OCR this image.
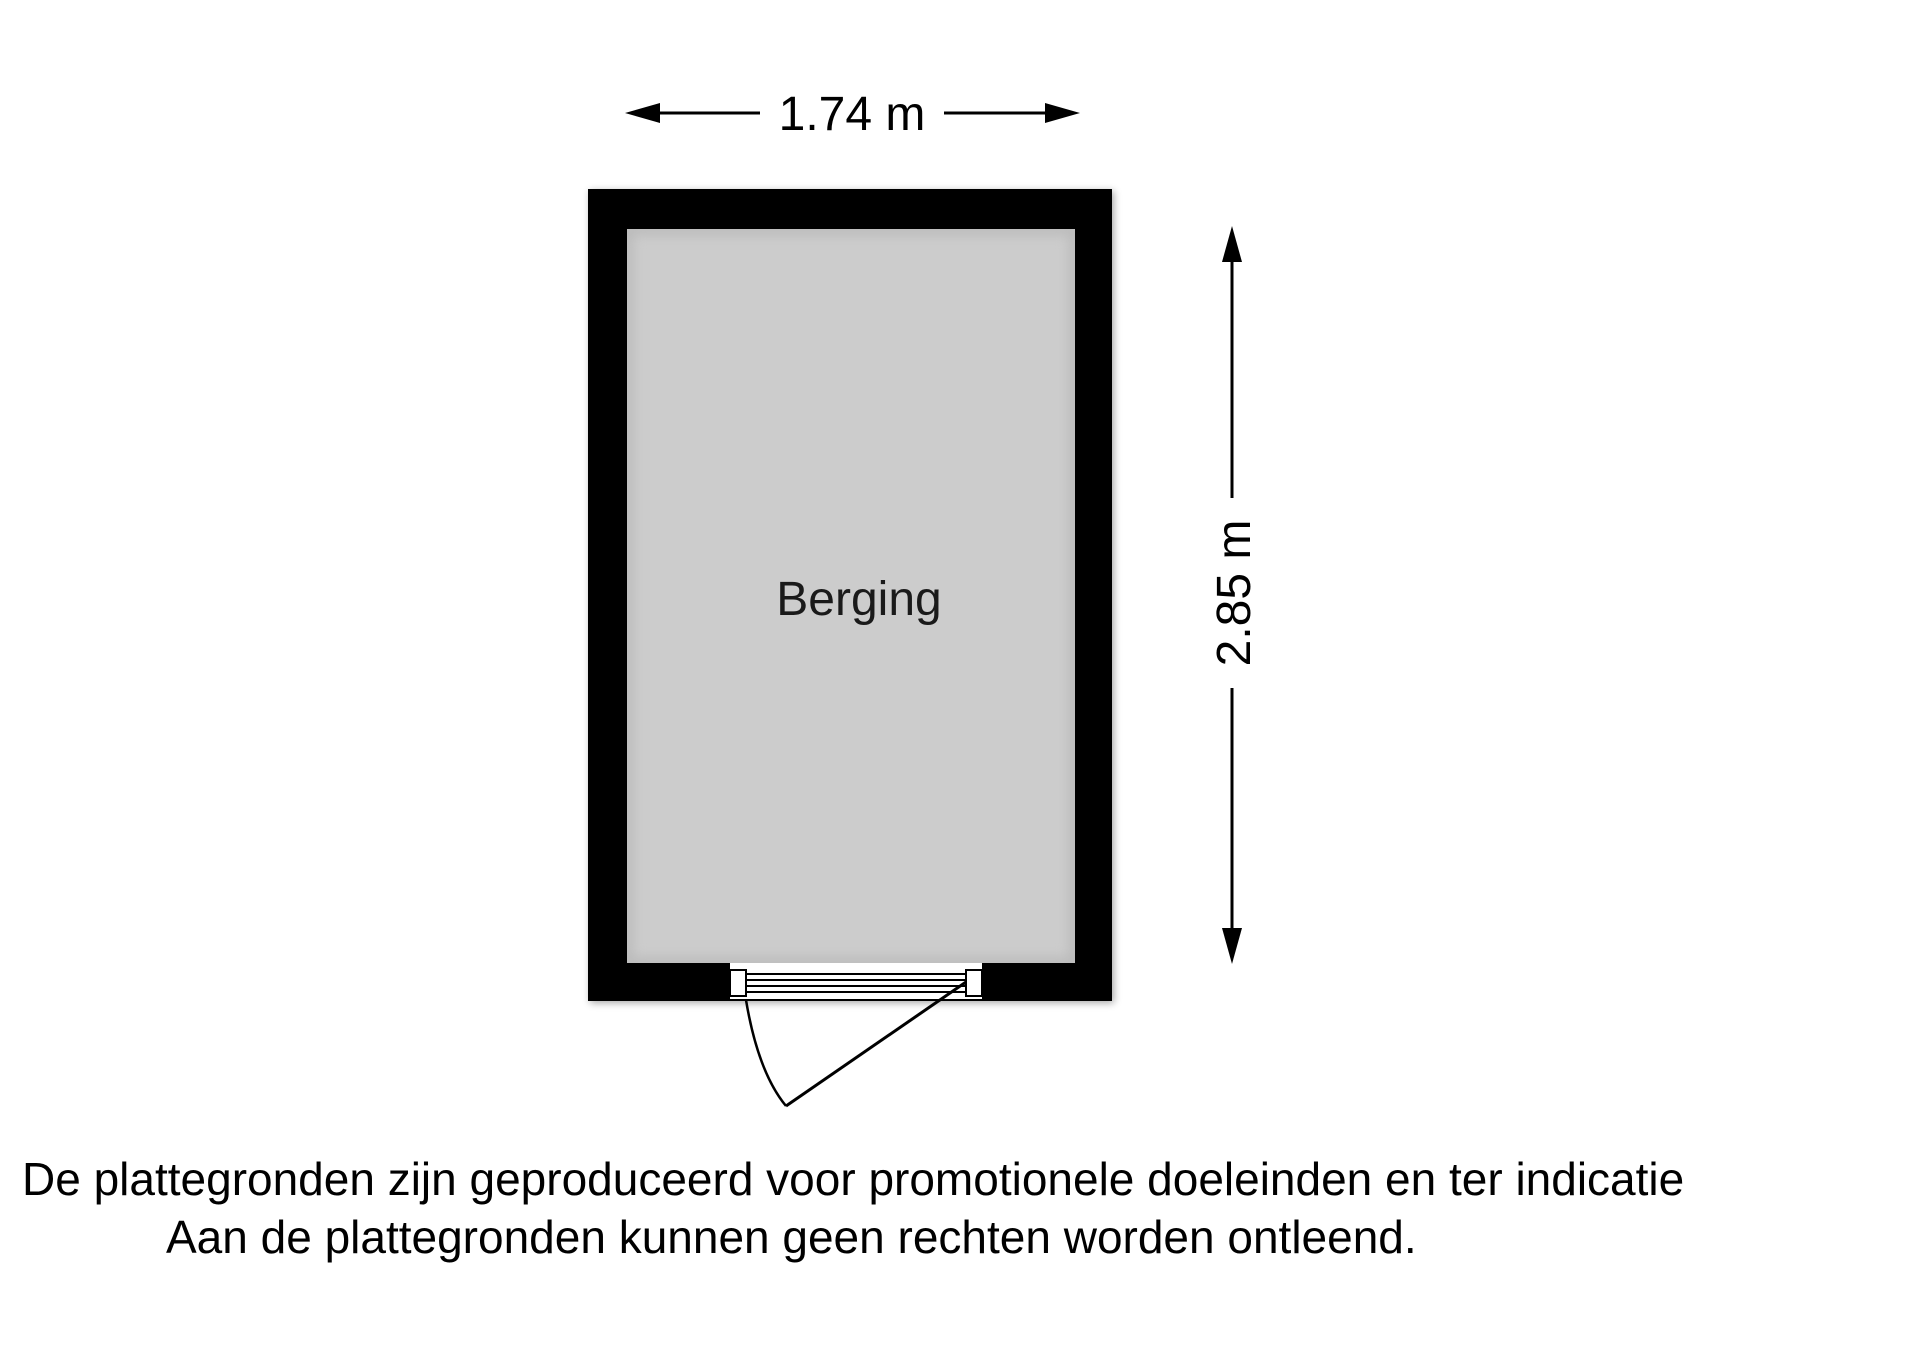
1.74 m
2.85 m
Berging
De plattegronden zijn geproduceerd voor promotionele doeleinden en ter indicatie
Aan de plattegronden kunnen geen rechten worden ontleend.
